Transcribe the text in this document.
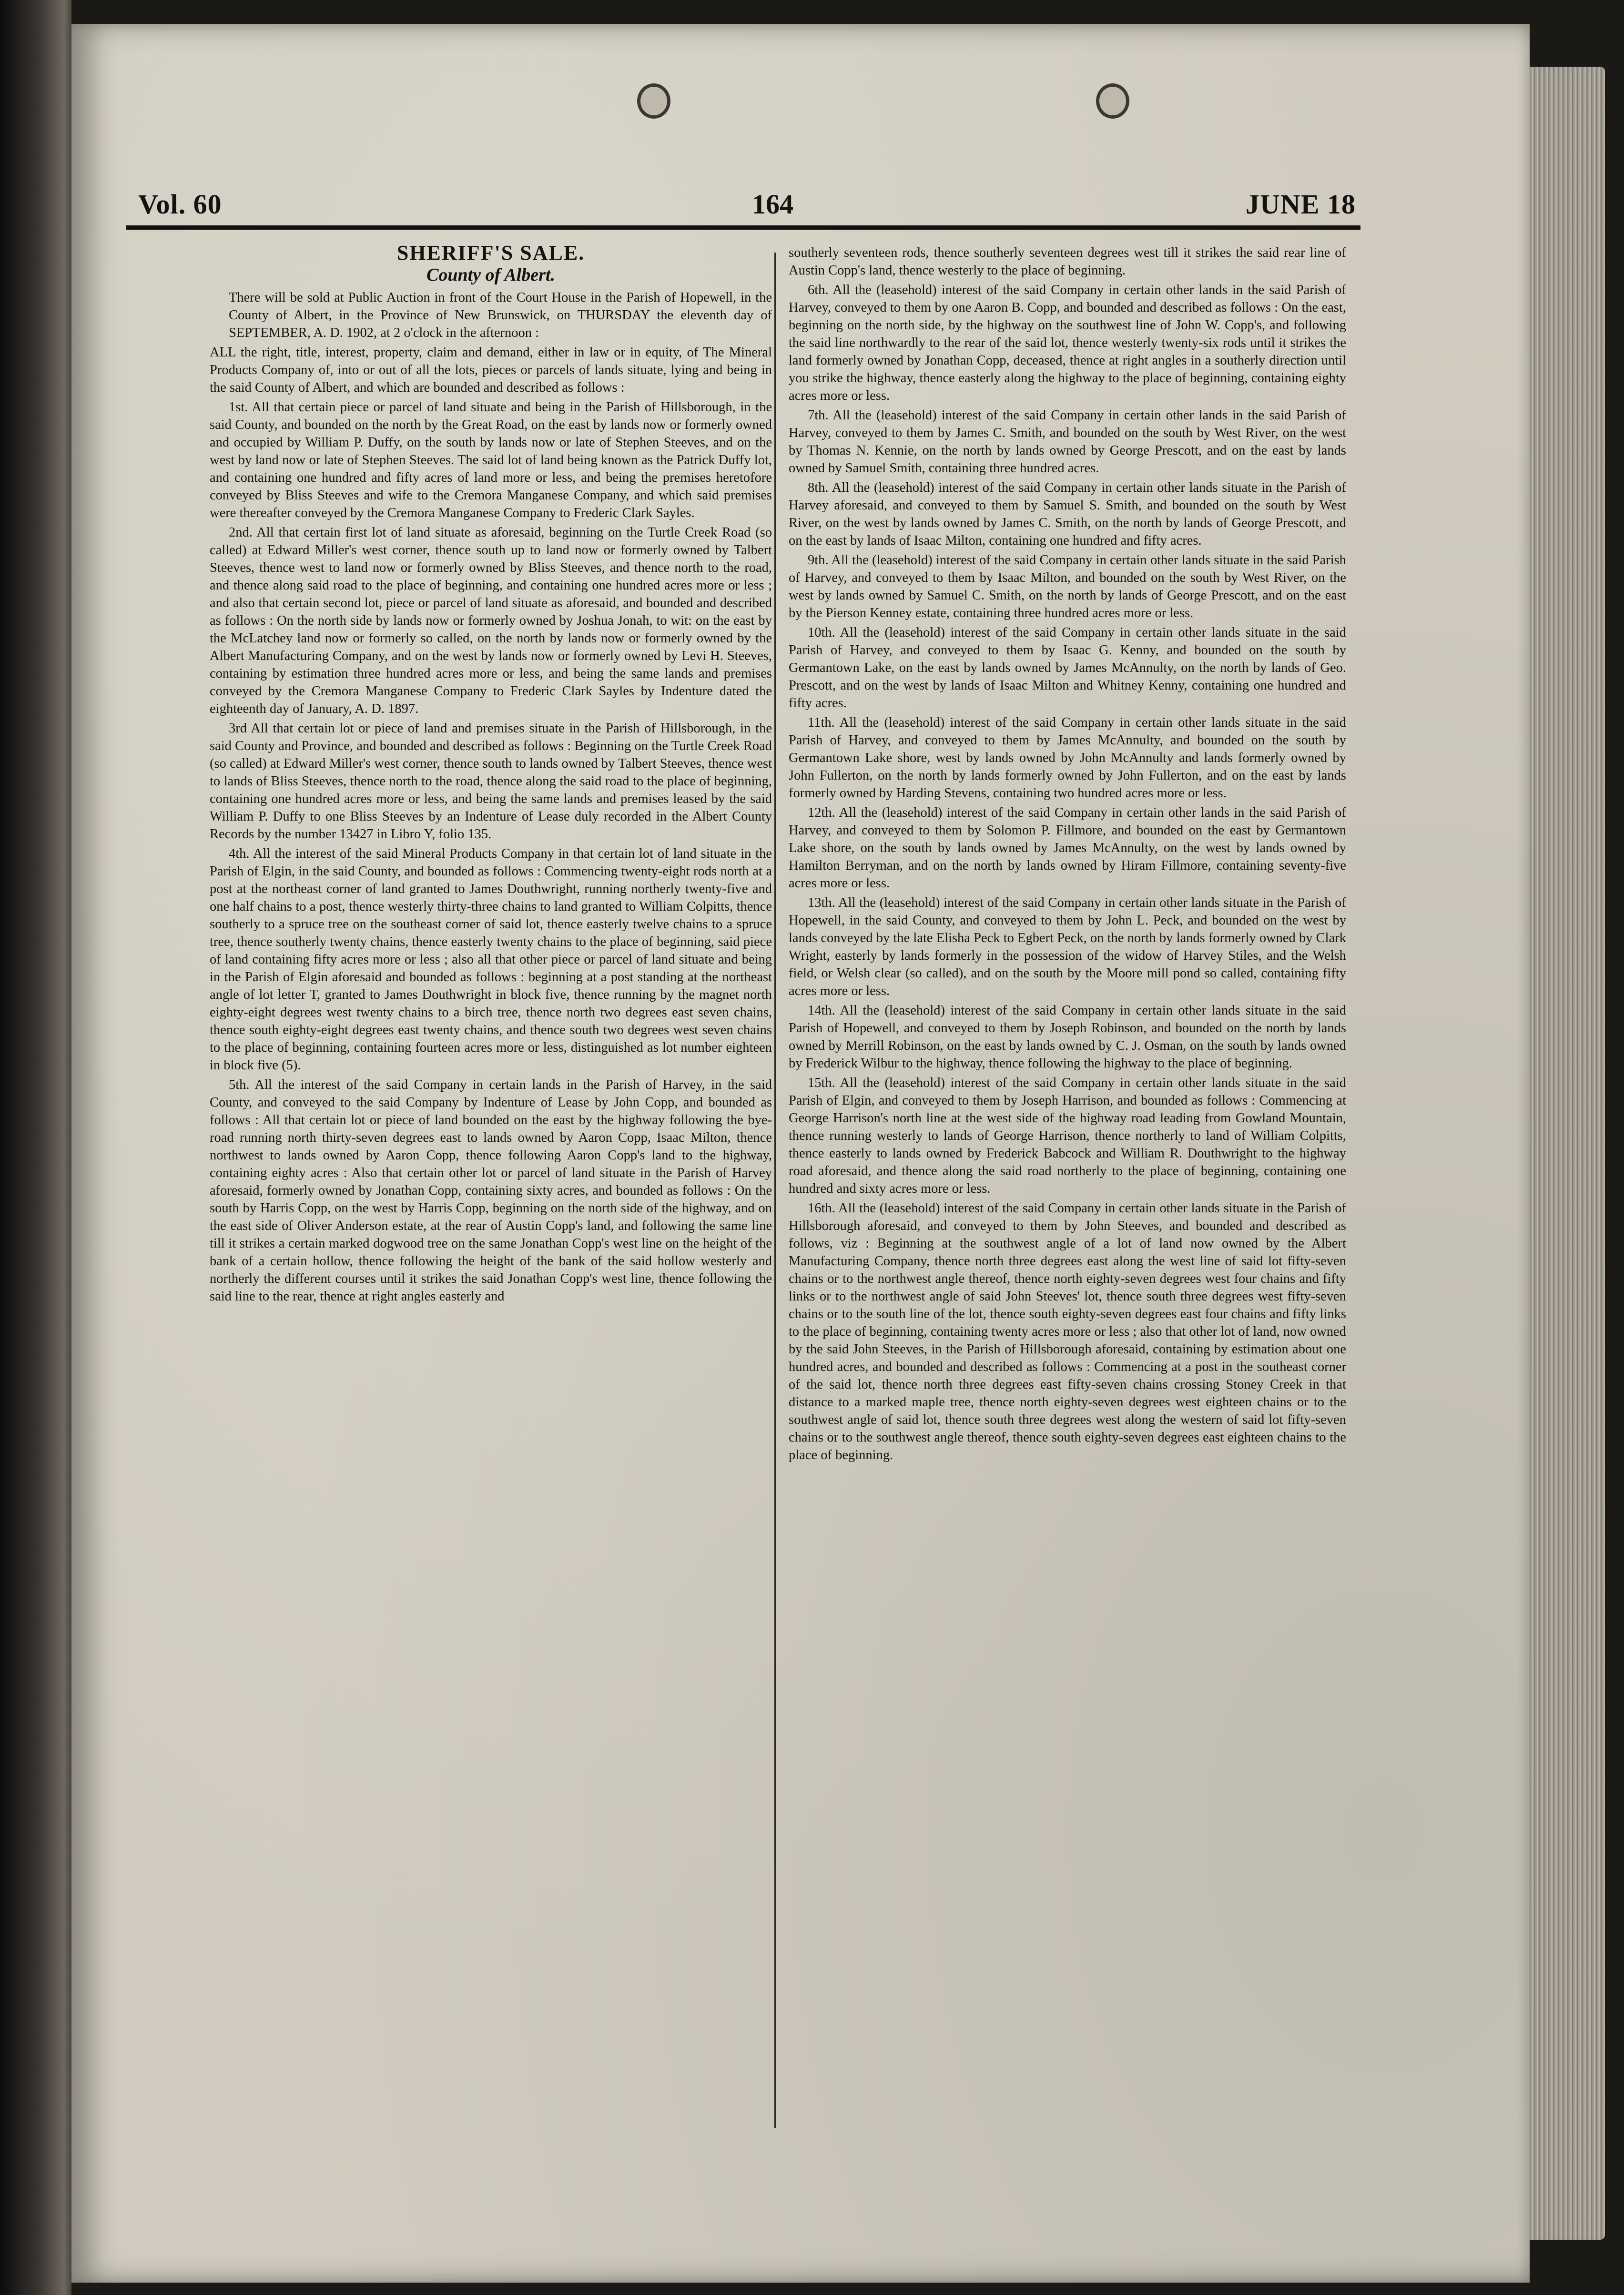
Vol. 60	164	JUNE 18
SHERIFF'S SALE.
County of Albert.

There will be sold at Public Auction in front of the Court House in the Parish of Hopewell, in the County of Albert, in the Province of New Brunswick, on THURSDAY the eleventh day of SEPTEMBER, A. D. 1902, at 2 o'clock in the afternoon :

ALL the right, title, interest, property, claim and demand, either in law or in equity, of The Mineral Products Company of, into or out of all the lots, pieces or parcels of lands situate, lying and being in the said County of Albert, and which are bounded and described as follows :

1st. All that certain piece or parcel of land situate and being in the Parish of Hillsborough, in the said County, and bounded on the north by the Great Road, on the east by lands now or formerly owned and occupied by William P. Duffy, on the south by lands now or late of Stephen Steeves, and on the west by land now or late of Stephen Steeves. The said lot of land being known as the Patrick Duffy lot, and containing one hundred and fifty acres of land more or less, and being the premises heretofore conveyed by Bliss Steeves and wife to the Cremora Manganese Company, and which said premises were thereafter conveyed by the Cremora Manganese Company to Frederic Clark Sayles.

2nd. All that certain first lot of land situate as aforesaid, beginning on the Turtle Creek Road (so called) at Edward Miller's west corner, thence south up to land now or formerly owned by Talbert Steeves, thence west to land now or formerly owned by Bliss Steeves, and thence north to the road, and thence along said road to the place of beginning, and containing one hundred acres more or less ; and also that certain second lot, piece or parcel of land situate as aforesaid, and bounded and described as follows : On the north side by lands now or formerly owned by Joshua Jonah, to wit: on the east by the McLatchey land now or formerly so called, on the north by lands now or formerly owned by the Albert Manufacturing Company, and on the west by lands now or formerly owned by Levi H. Steeves, containing by estimation three hundred acres more or less, and being the same lands and premises conveyed by the Cremora Manganese Company to Frederic Clark Sayles by Indenture dated the eighteenth day of January, A. D. 1897.

3rd All that certain lot or piece of land and premises situate in the Parish of Hillsborough, in the said County and Province, and bounded and described as follows : Beginning on the Turtle Creek Road (so called) at Edward Miller's west corner, thence south to lands owned by Talbert Steeves, thence west to lands of Bliss Steeves, thence north to the road, thence along the said road to the place of beginning, containing one hundred acres more or less, and being the same lands and premises leased by the said William P. Duffy to one Bliss Steeves by an Indenture of Lease duly recorded in the Albert County Records by the number 13427 in Libro Y, folio 135.

4th. All the interest of the said Mineral Products Company in that certain lot of land situate in the Parish of Elgin, in the said County, and bounded as follows : Commencing twenty-eight rods north at a post at the northeast corner of land granted to James Douthwright, running northerly twenty-five and one half chains to a post, thence westerly thirty-three chains to land granted to William Colpitts, thence southerly to a spruce tree on the southeast corner of said lot, thence easterly twelve chains to a spruce tree, thence southerly twenty chains, thence easterly twenty chains to the place of beginning, said piece of land containing fifty acres more or less ; also all that other piece or parcel of land situate and being in the Parish of Elgin aforesaid and bounded as follows : beginning at a post standing at the northeast angle of lot letter T, granted to James Douthwright in block five, thence running by the magnet north eighty-eight degrees west twenty chains to a birch tree, thence north two degrees east seven chains, thence south eighty-eight degrees east twenty chains, and thence south two degrees west seven chains to the place of beginning, containing fourteen acres more or less, distinguished as lot number eighteen in block five (5).

5th. All the interest of the said Company in certain lands in the Parish of Harvey, in the said County, and conveyed to the said Company by Indenture of Lease by John Copp, and bounded as follows : All that certain lot or piece of land bounded on the east by the highway following the bye-road running north thirty-seven degrees east to lands owned by Aaron Copp, Isaac Milton, thence northwest to lands owned by Aaron Copp, thence following Aaron Copp's land to the highway, containing eighty acres : Also that certain other lot or parcel of land situate in the Parish of Harvey aforesaid, formerly owned by Jonathan Copp, containing sixty acres, and bounded as follows : On the south by Harris Copp, on the west by Harris Copp, beginning on the north side of the highway, and on the east side of Oliver Anderson estate, at the rear of Austin Copp's land, and following the same line till it strikes a certain marked dogwood tree on the same Jonathan Copp's west line on the height of the bank of a certain hollow, thence following the height of the bank of the said hollow westerly and northerly the different courses until it strikes the said Jonathan Copp's west line, thence following the said line to the rear, thence at right angles easterly and

southerly seventeen rods, thence southerly seventeen degrees west till it strikes the said rear line of Austin Copp's land, thence westerly to the place of beginning.

6th. All the (leasehold) interest of the said Company in certain other lands in the said Parish of Harvey, conveyed to them by one Aaron B. Copp, and bounded and described as follows : On the east, beginning on the north side, by the highway on the southwest line of John W. Copp's, and following the said line northwardly to the rear of the said lot, thence westerly twenty-six rods until it strikes the land formerly owned by Jonathan Copp, deceased, thence at right angles in a southerly direction until you strike the highway, thence easterly along the highway to the place of beginning, containing eighty acres more or less.

7th. All the (leasehold) interest of the said Company in certain other lands in the said Parish of Harvey, conveyed to them by James C. Smith, and bounded on the south by West River, on the west by Thomas N. Kennie, on the north by lands owned by George Prescott, and on the east by lands owned by Samuel Smith, containing three hundred acres.

8th. All the (leasehold) interest of the said Company in certain other lands situate in the Parish of Harvey aforesaid, and conveyed to them by Samuel S. Smith, and bounded on the south by West River, on the west by lands owned by James C. Smith, on the north by lands of George Prescott, and on the east by lands of Isaac Milton, containing one hundred and fifty acres.

9th. All the (leasehold) interest of the said Company in certain other lands situate in the said Parish of Harvey, and conveyed to them by Isaac Milton, and bounded on the south by West River, on the west by lands owned by Samuel C. Smith, on the north by lands of George Prescott, and on the east by the Pierson Kenney estate, containing three hundred acres more or less.

10th. All the (leasehold) interest of the said Company in certain other lands situate in the said Parish of Harvey, and conveyed to them by Isaac G. Kenny, and bounded on the south by Germantown Lake, on the east by lands owned by James McAnnulty, on the north by lands of Geo. Prescott, and on the west by lands of Isaac Milton and Whitney Kenny, containing one hundred and fifty acres.

11th. All the (leasehold) interest of the said Company in certain other lands situate in the said Parish of Harvey, and conveyed to them by James McAnnulty, and bounded on the south by Germantown Lake shore, west by lands owned by John McAnnulty and lands formerly owned by John Fullerton, on the north by lands formerly owned by John Fullerton, and on the east by lands formerly owned by Harding Stevens, containing two hundred acres more or less.

12th. All the (leasehold) interest of the said Company in certain other lands in the said Parish of Harvey, and conveyed to them by Solomon P. Fillmore, and bounded on the east by Germantown Lake shore, on the south by lands owned by James McAnnulty, on the west by lands owned by Hamilton Berryman, and on the north by lands owned by Hiram Fillmore, containing seventy-five acres more or less.

13th. All the (leasehold) interest of the said Company in certain other lands situate in the Parish of Hopewell, in the said County, and conveyed to them by John L. Peck, and bounded on the west by lands conveyed by the late Elisha Peck to Egbert Peck, on the north by lands formerly owned by Clark Wright, easterly by lands formerly in the possession of the widow of Harvey Stiles, and the Welsh field, or Welsh clear (so called), and on the south by the Moore mill pond so called, containing fifty acres more or less.

14th. All the (leasehold) interest of the said Company in certain other lands situate in the said Parish of Hopewell, and conveyed to them by Joseph Robinson, and bounded on the north by lands owned by Merrill Robinson, on the east by lands owned by C. J. Osman, on the south by lands owned by Frederick Wilbur to the highway, thence following the highway to the place of beginning.

15th. All the (leasehold) interest of the said Company in certain other lands situate in the said Parish of Elgin, and conveyed to them by Joseph Harrison, and bounded as follows : Commencing at George Harrison's north line at the west side of the highway road leading from Gowland Mountain, thence running westerly to lands of George Harrison, thence northerly to land of William Colpitts, thence easterly to lands owned by Frederick Babcock and William R. Douthwright to the highway road aforesaid, and thence along the said road northerly to the place of beginning, containing one hundred and sixty acres more or less.

16th. All the (leasehold) interest of the said Company in certain other lands situate in the Parish of Hillsborough aforesaid, and conveyed to them by John Steeves, and bounded and described as follows, viz : Beginning at the southwest angle of a lot of land now owned by the Albert Manufacturing Company, thence north three degrees east along the west line of said lot fifty-seven chains or to the northwest angle thereof, thence north eighty-seven degrees west four chains and fifty links or to the northwest angle of said John Steeves' lot, thence south three degrees west fifty-seven chains or to the south line of the lot, thence south eighty-seven degrees east four chains and fifty links to the place of beginning, containing twenty acres more or less ; also that other lot of land, now owned by the said John Steeves, in the Parish of Hillsborough aforesaid, containing by estimation about one hundred acres, and bounded and described as follows : Commencing at a post in the southeast corner of the said lot, thence north three degrees east fifty-seven chains crossing Stoney Creek in that distance to a marked maple tree, thence north eighty-seven degrees west eighteen chains or to the southwest angle of said lot, thence south three degrees west along the western of said lot fifty-seven chains or to the southwest angle thereof, thence south eighty-seven degrees east eighteen chains to the place of beginning.
